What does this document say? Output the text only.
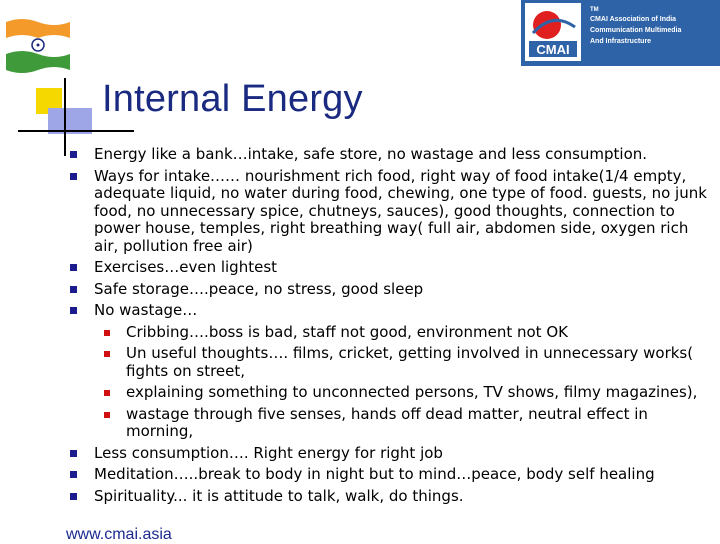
CMAI
TM
CMAI Association of India
Communication Multimedia
And Infrastructure
Internal Energy
Energy like a bank…intake, safe store, no wastage and less consumption.
Ways for intake…… nourishment rich food, right way of food intake(1/4 empty, adequate liquid, no water during food, chewing, one type of food. guests, no junk food, no unnecessary spice, chutneys, sauces), good thoughts, connection to power house, temples, right breathing way( full air, abdomen side, oxygen rich air, pollution free air)
Exercises…even lightest
Safe storage….peace, no stress, good sleep
No wastage…
Cribbing….boss is bad, staff not good, environment not OK
Un useful thoughts…. films, cricket, getting involved in unnecessary works( fights on street,
explaining something to unconnected persons, TV shows, filmy magazines),
wastage through five senses, hands off dead matter, neutral effect in morning,
Less consumption…. Right energy for right job
Meditation…..break to body in night but to mind…peace, body self healing
Spirituality... it is attitude to talk, walk, do things.
www.cmai.asia
